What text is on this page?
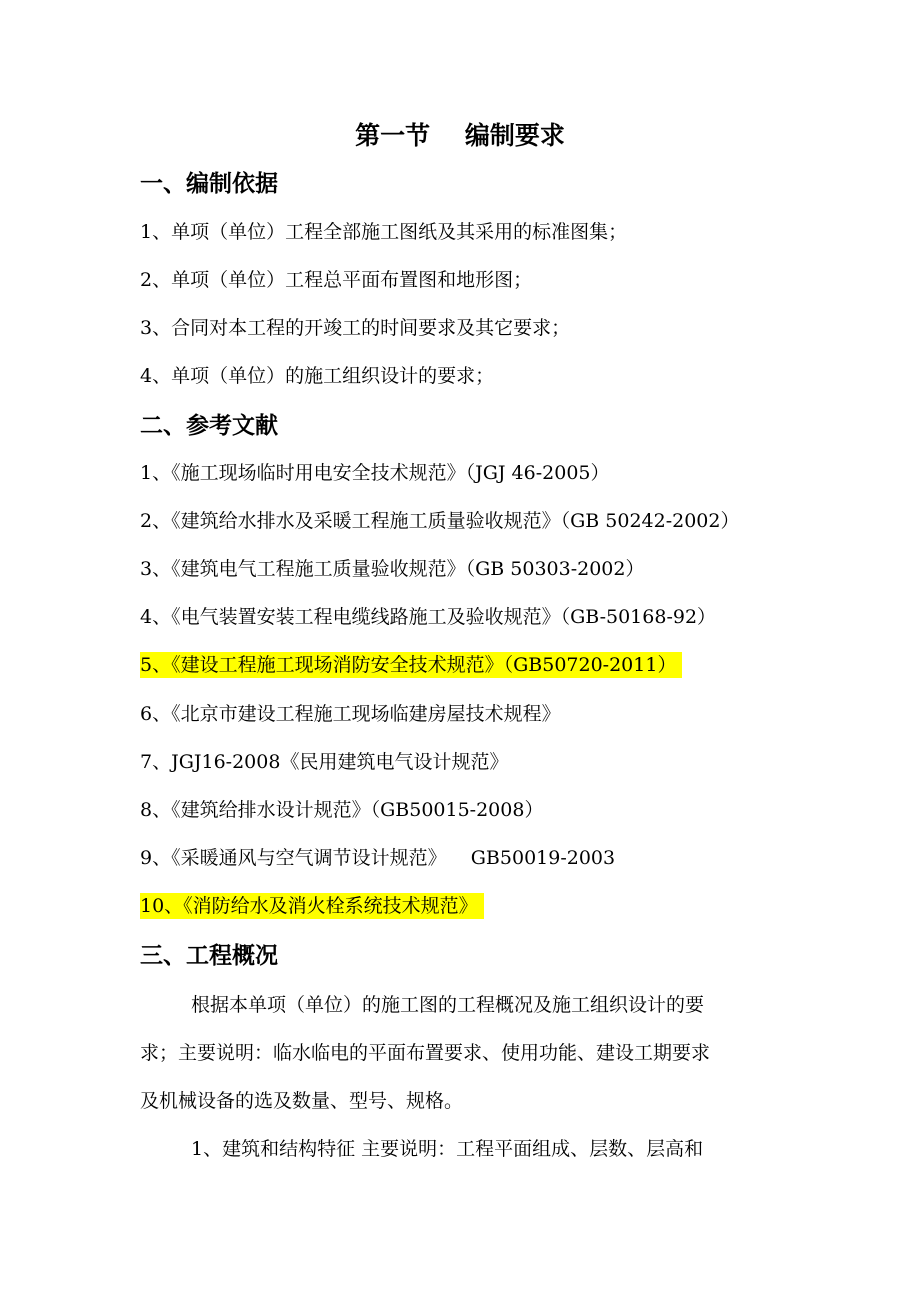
第一节    编制要求
一、编制依据
1、单项（单位）工程全部施工图纸及其采用的标准图集；
2、单项（单位）工程总平面布置图和地形图；
3、合同对本工程的开竣工的时间要求及其它要求；
4、单项（单位）的施工组织设计的要求；
二、参考文献
1、《施工现场临时用电安全技术规范》（JGJ 46-2005）
2、《建筑给水排水及采暖工程施工质量验收规范》（GB 50242-2002）
3、《建筑电气工程施工质量验收规范》（GB 50303-2002）
4、《电气装置安装工程电缆线路施工及验收规范》（GB-50168-92）
5、《建设工程施工现场消防安全技术规范》（GB50720-2011）
6、《北京市建设工程施工现场临建房屋技术规程》
7、JGJ16-2008《民用建筑电气设计规范》
8、《建筑给排水设计规范》（GB50015-2008）
9、《采暖通风与空气调节设计规范》    GB50019-2003
10、《消防给水及消火栓系统技术规范》
三、工程概况
根据本单项（单位）的施工图的工程概况及施工组织设计的要
求；主要说明：临水临电的平面布置要求、使用功能、建设工期要求
及机械设备的选及数量、型号、规格。
1、建筑和结构特征 主要说明：工程平面组成、层数、层高和
